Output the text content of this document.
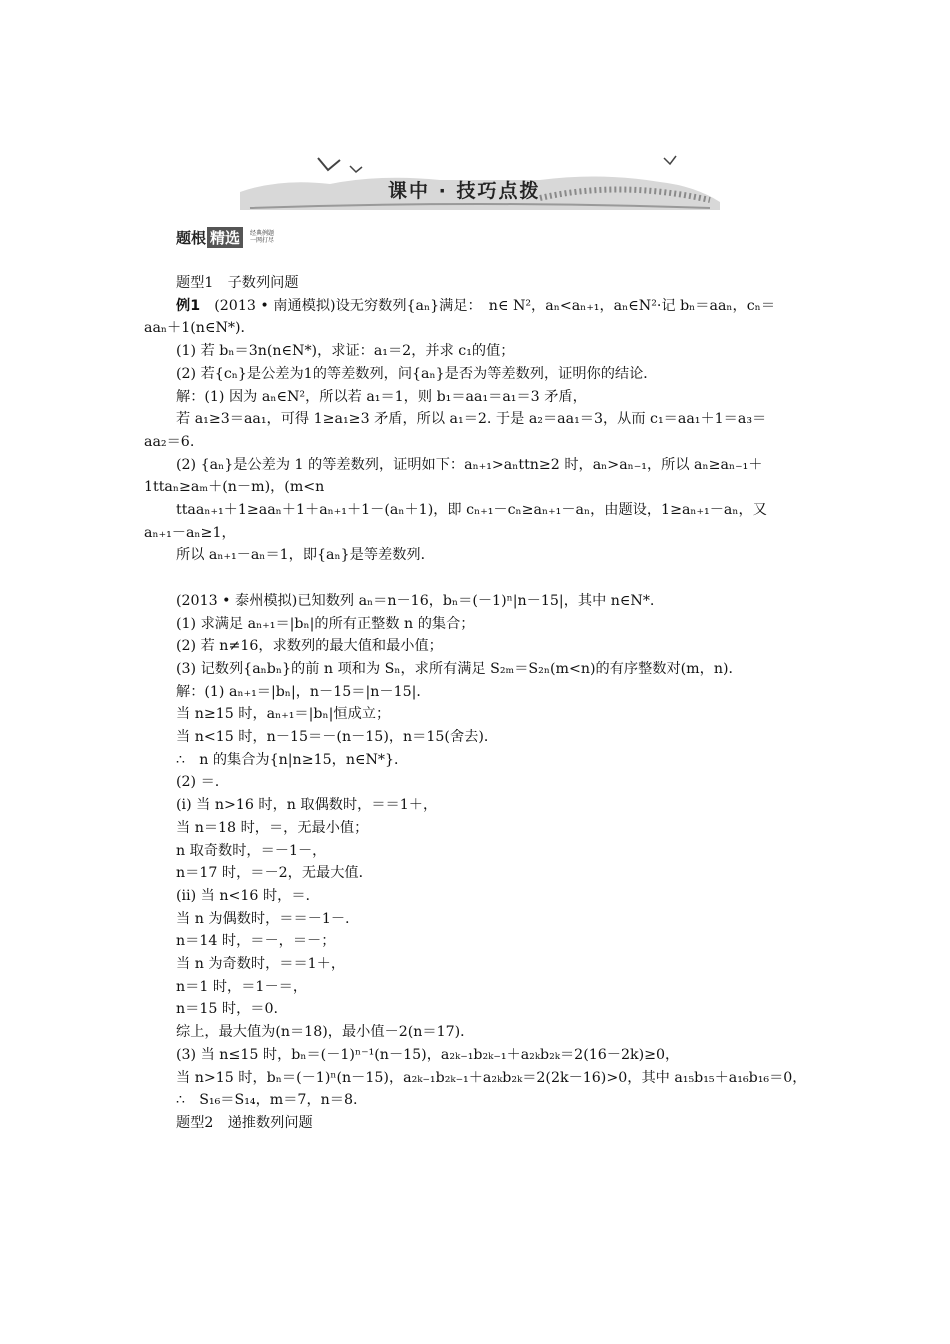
课中 · 技巧点拨
题根 精选	经典例题
一网打尽
题型1　子数列问题
例1　(2013 • 南通模拟)设无穷数列{aₙ}满足：　n∈ N²，aₙ<aₙ₊₁，aₙ∈N²·记 bₙ＝aaₙ，cₙ＝
aaₙ＋1(n∈N*)．
(1) 若 bₙ＝3n(n∈N*)，求证：a₁＝2，并求 c₁的值；
(2) 若{cₙ}是公差为1的等差数列，问{aₙ}是否为等差数列，证明你的结论．
解：(1) 因为 aₙ∈N²，所以若 a₁＝1，则 b₁＝aa₁＝a₁＝3 矛盾，
若 a₁≥3＝aa₁，可得 1≥a₁≥3 矛盾，所以 a₁＝2. 于是 a₂＝aa₁＝3，从而 c₁＝aa₁＋1＝a₃＝
aa₂＝6.
(2) {aₙ}是公差为 1 的等差数列，证明如下：aₙ₊₁>aₙttn≥2 时，aₙ>aₙ₋₁，所以 aₙ≥aₙ₋₁＋
1ttaₙ≥aₘ＋(n－m)，(m<n
ttaaₙ₊₁＋1≥aaₙ＋1＋aₙ₊₁＋1－(aₙ＋1)，即 cₙ₊₁－cₙ≥aₙ₊₁－aₙ，由题设，1≥aₙ₊₁－aₙ，又
aₙ₊₁－aₙ≥1，
所以 aₙ₊₁－aₙ＝1，即{aₙ}是等差数列．
(2013 • 泰州模拟)已知数列 aₙ＝n－16，bₙ＝(－1)ⁿ|n－15|，其中 n∈N*.
(1) 求满足 aₙ₊₁＝|bₙ|的所有正整数 n 的集合；
(2) 若 n≠16，求数列的最大值和最小值；
(3) 记数列{aₙbₙ}的前 n 项和为 Sₙ，求所有满足 S₂ₘ＝S₂ₙ(m<n)的有序整数对(m，n)．
解：(1) aₙ₊₁＝|bₙ|，n－15＝|n－15|．
当 n≥15 时，aₙ₊₁＝|bₙ|恒成立；
当 n<15 时，n－15＝－(n－15)，n＝15(舍去)．
∴　n 的集合为{n|n≥15，n∈N*}．
(2) ＝.
(ⅰ) 当 n>16 时，n 取偶数时，＝＝1＋，
当 n＝18 时，＝，无最小值；
n 取奇数时，＝－1－，
n＝17 时，＝－2，无最大值．
(ⅱ) 当 n<16 时，＝.
当 n 为偶数时，＝＝－1－.
n＝14 时，＝－，＝－；
当 n 为奇数时，＝＝1＋，
n＝1 时，＝1－＝，
n＝15 时，＝0.
综上，最大值为(n＝18)，最小值－2(n＝17)．
(3) 当 n≤15 时，bₙ＝(－1)ⁿ⁻¹(n－15)，a₂ₖ₋₁b₂ₖ₋₁＋a₂ₖb₂ₖ＝2(16－2k)≥0，
当 n>15 时，bₙ＝(－1)ⁿ(n－15)，a₂ₖ₋₁b₂ₖ₋₁＋a₂ₖb₂ₖ＝2(2k－16)>0，其中 a₁₅b₁₅＋a₁₆b₁₆＝0，
∴　S₁₆＝S₁₄，m＝7，n＝8.
题型2　递推数列问题
